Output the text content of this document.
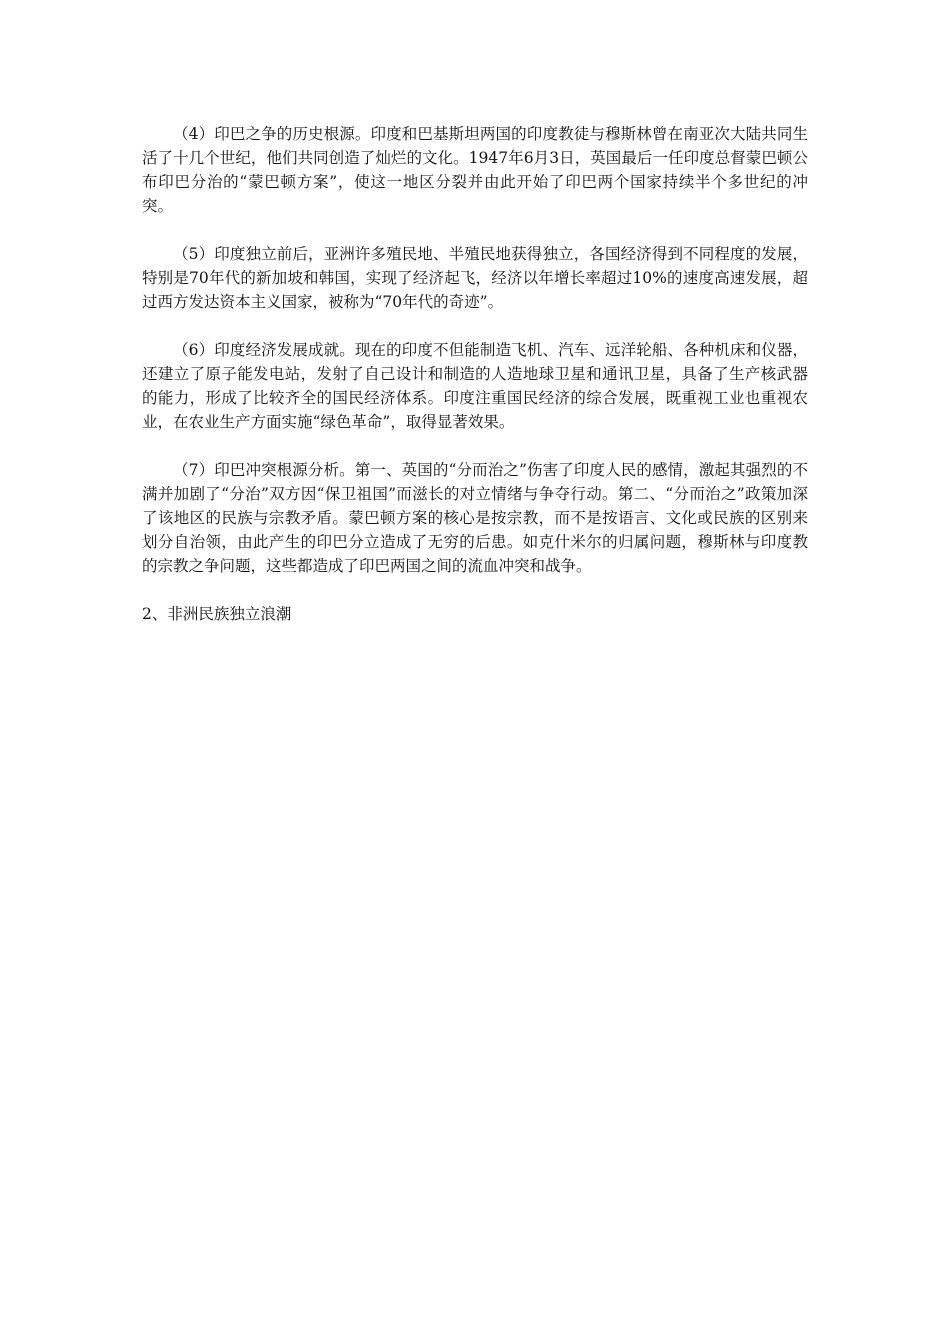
（4）印巴之争的历史根源。印度和巴基斯坦两国的印度教徒与穆斯林曾在南亚次大陆共同生活了十几个世纪，他们共同创造了灿烂的文化。1947年6月3日，英国最后一任印度总督蒙巴顿公布印巴分治的“蒙巴顿方案”，使这一地区分裂并由此开始了印巴两个国家持续半个多世纪的冲突。

（5）印度独立前后，亚洲许多殖民地、半殖民地获得独立，各国经济得到不同程度的发展，特别是70年代的新加坡和韩国，实现了经济起飞，经济以年增长率超过10%的速度高速发展，超过西方发达资本主义国家，被称为“70年代的奇迹”。

（6）印度经济发展成就。现在的印度不但能制造飞机、汽车、远洋轮船、各种机床和仪器，还建立了原子能发电站，发射了自己设计和制造的人造地球卫星和通讯卫星，具备了生产核武器的能力，形成了比较齐全的国民经济体系。印度注重国民经济的综合发展，既重视工业也重视农业，在农业生产方面实施“绿色革命”，取得显著效果。

（7）印巴冲突根源分析。第一、英国的“分而治之”伤害了印度人民的感情，激起其强烈的不满并加剧了“分治”双方因“保卫祖国”而滋长的对立情绪与争夺行动。第二、“分而治之”政策加深了该地区的民族与宗教矛盾。蒙巴顿方案的核心是按宗教，而不是按语言、文化或民族的区别来划分自治领，由此产生的印巴分立造成了无穷的后患。如克什米尔的归属问题，穆斯林与印度教的宗教之争问题，这些都造成了印巴两国之间的流血冲突和战争。

2、非洲民族独立浪潮
